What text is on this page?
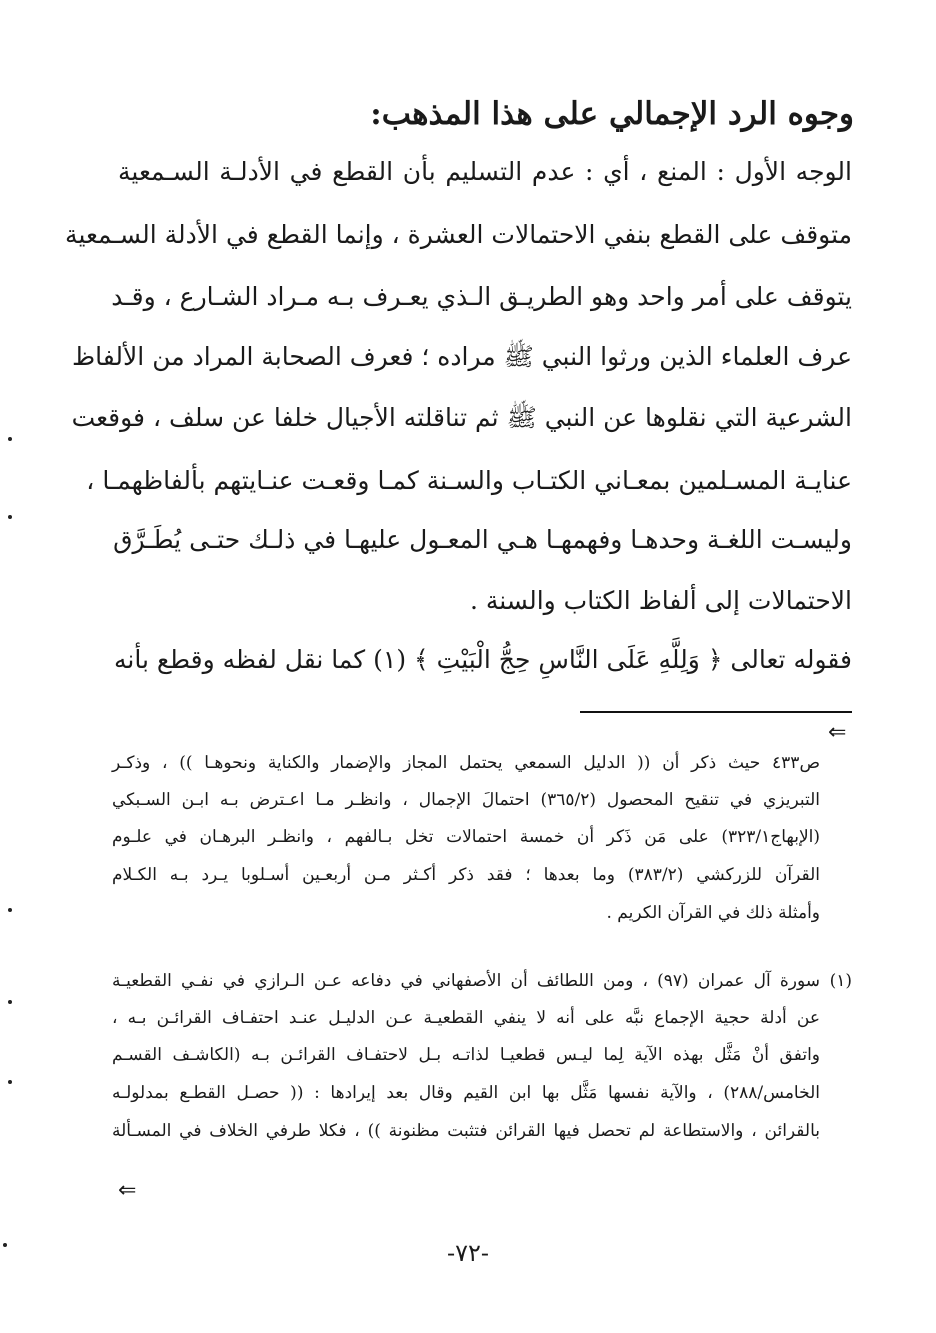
وجوه الرد الإجمالي على هذا المذهب:
الوجه الأول : المنع ، أي : عدم التسليم بأن القطع في الأدلـة السـمعية
متوقف على القطع بنفي الاحتمالات العشرة ، وإنما القطع في الأدلة السـمعية
يتوقف على أمر واحد وهو الطريـق الـذي يعـرف بـه مـراد الشـارع ، وقـد
عرف العلماء الذين ورثوا النبي ﷺ مراده ؛ فعرف الصحابة المراد من الألفاظ
الشرعية التي نقلوها عن النبي ﷺ ثم تناقلته الأجيال خلفا عن سلف ، فوقعت
عنايـة المسـلمين بمعـاني الكتـاب والسـنة كمـا وقعـت عنـايتهم بألفاظهمـا ،
وليسـت اللغـة وحدهـا وفهمهـا هـي المعـول عليهـا في ذلـك حتـى يُطَـرَّق
الاحتمالات إلى ألفاظ الكتاب والسنة .
فقوله تعالى ﴿ وَلِلَّهِ عَلَى النَّاسِ حِجُّ الْبَيْتِ ﴾ (١) كما نقل لفظه وقطع بأنه
⇐
ص٤٣٣ حيث ذكر أن (( الدليل السمعي يحتمل المجاز والإضمار والكناية ونحوهـا )) ، وذكـر
التبريزي في تنقيح المحصول (٣٦٥/٢) احتمالَ الإجمال ، وانظـر مـا اعـترض بـه ابـن السـبكي
(الإبهاج٣٢٣/١) على مَن ذَكر أن خمسة احتمالات تخل بـالفهم ، وانظـر البرهـان في علـوم
القرآن للزركشي (٣٨٣/٢) وما بعدها ؛ فقد ذكر أكـثر مـن أربعـين أسـلوبا يـرد بـه الكـلام
وأمثلة ذلك في القرآن الكريم .
(١)
سورة آل عمران (٩٧) ، ومن اللطائف أن الأصفهاني في دفاعه عـن الـرازي في نفـي القطعيـة
عن أدلة حجية الإجماع نبَّه على أنه لا ينفي القطعيـة عـن الدليـل عنـد احتفـاف القرائـن بـه ،
واتفق أنْ مَثَّل بهذه الآية لِما ليـس قطعيـا لذاتـه بـل لاحتفـاف القرائـن بـه (الكاشـف القسـم
الخامس/٢٨٨) ، والآية نفسها مَثَّل بها ابن القيم وقال بعد إيرادها : (( حصـل القطـع بمدلولـه
بالقرائن ، والاستطاعة لم تحصل فيها القرائن فتثبت مظنونة )) ، فكلا طرفي الخلاف في المسـألة
⇐
-٧٢-
